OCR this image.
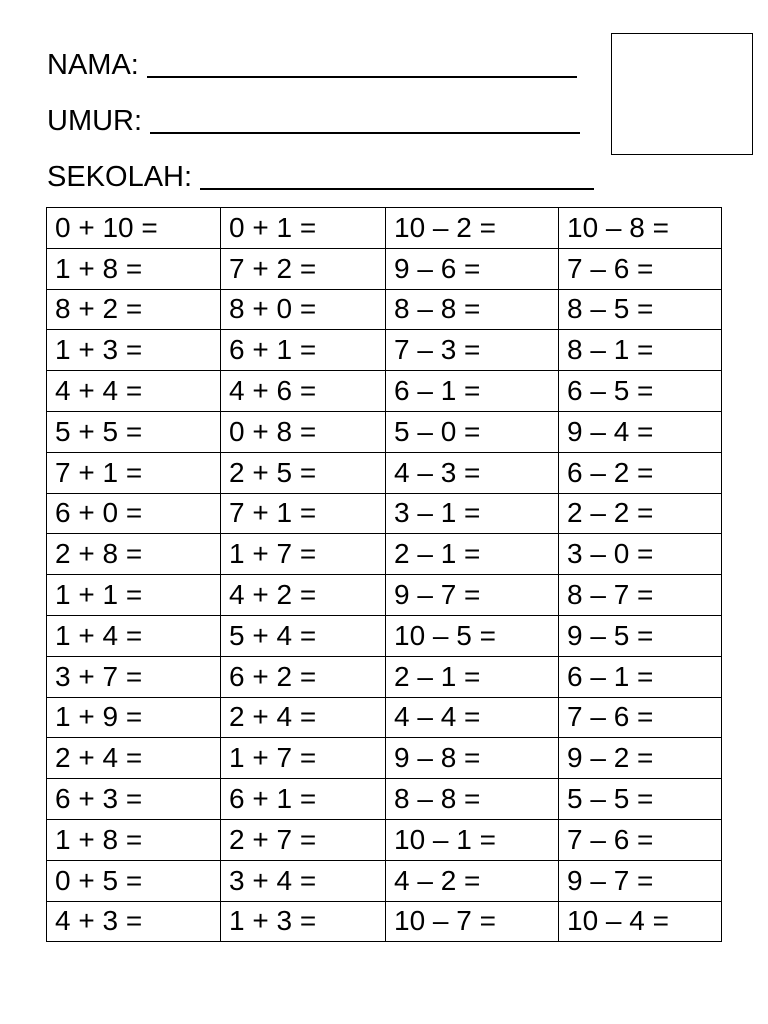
NAMA:
UMUR:
SEKOLAH:
0 + 10 =	0 + 1 =	10 – 2 =	10 – 8 =
1 + 8 =	7 + 2 =	9 – 6 =	7 – 6 =
8 + 2 =	8 + 0 =	8 – 8 =	8 – 5 =
1 + 3 =	6 + 1 =	7 – 3 =	8 – 1 =
4 + 4 =	4 + 6 =	6 – 1 =	6 – 5 =
5 + 5 =	0 + 8 =	5 – 0 =	9 – 4 =
7 + 1 =	2 + 5 =	4 – 3 =	6 – 2 =
6 + 0 =	7 + 1 =	3 – 1 =	2 – 2 =
2 + 8 =	1 + 7 =	2 – 1 =	3 – 0 =
1 + 1 =	4 + 2 =	9 – 7 =	8 – 7 =
1 + 4 =	5 + 4 =	10 – 5 =	9 – 5 =
3 + 7 =	6 + 2 =	2 – 1 =	6 – 1 =
1 + 9 =	2 + 4 =	4 – 4 =	7 – 6 =
2 + 4 =	1 + 7 =	9 – 8 =	9 – 2 =
6 + 3 =	6 + 1 =	8 – 8 =	5 – 5 =
1 + 8 =	2 + 7 =	10 – 1 =	7 – 6 =
0 + 5 =	3 + 4 =	4 – 2 =	9 – 7 =
4 + 3 =	1 + 3 =	10 – 7 =	10 – 4 =
